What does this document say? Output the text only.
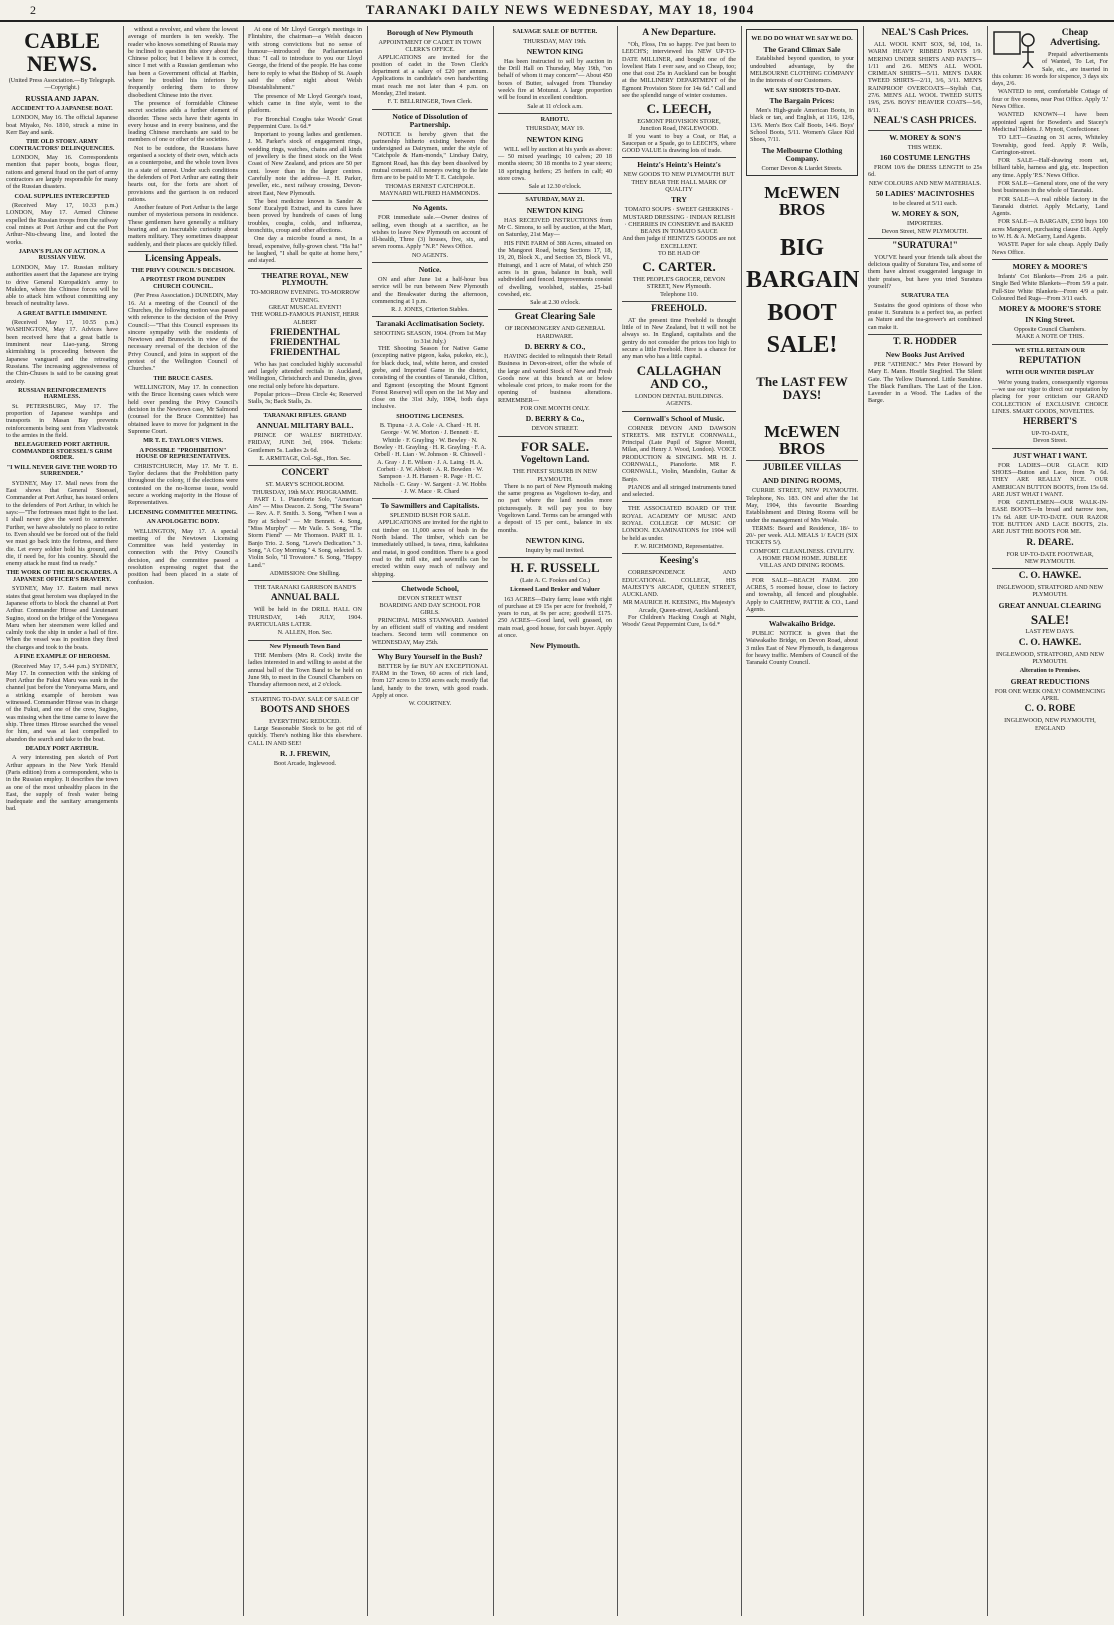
2	TARANAKI DAILY NEWS WEDNESDAY, MAY 18, 1904
CABLE NEWS.
(United Press Association.—By Telegraph.—Copyright.)
RUSSIA AND JAPAN.
ACCIDENT TO A JAPANESE BOAT.

LONDON, May 16. The official Japanese boat Miyako, No. 1810, struck a mine in Kerr Bay and sank.

THE OLD STORY. ARMY CONTRACTORS' DELINQUENCIES.

LONDON, May 16. Correspondents mention that paper boots, bogus flour, rations and general fraud on the part of army contractors are largely responsible for many of the Russian disasters.

COAL SUPPLIES INTERCEPTED

(Received May 17, 10.33 p.m.) LONDON, May 17. Armed Chinese expelled the Russian troops from the railway coal mines at Port Arthur and cut the Port Arthur–Niu-chwang line, and looted the works.

JAPAN'S PLAN OF ACTION. A RUSSIAN VIEW.

LONDON, May 17. Russian military authorities assert that the Japanese are trying to drive General Kuropatkin's army to Mukden, where the Chinese forces will be able to attack him without committing any breach of neutrality laws.

A GREAT BATTLE IMMINENT.

(Received May 17, 10.55 p.m.) WASHINGTON, May 17. Advices have been received here that a great battle is imminent near Liao-yang. Strong skirmishing is proceeding between the Japanese vanguard and the retreating Russians. The increasing aggressiveness of the Chin-Chuses is said to be causing great anxiety.

RUSSIAN REINFORCEMENTS HARMLESS.

St. PETERSBURG, May 17. The proportion of Japanese warships and transports in Masan Bay prevents reinforcements being sent from Vladivostok to the armies in the field.

BELEAGUERED PORT ARTHUR. COMMANDER STOESSEL'S GRIM ORDER.
"I WILL NEVER GIVE THE WORD TO SURRENDER."

SYDNEY, May 17. Mail news from the East shows that General Stoessel, Commander at Port Arthur, has issued orders to the defenders of Port Arthur, in which he says:—"The fortresses must fight to the last. I shall never give the word to surrender. Further, we have absolutely no place to retire to. Even should we be forced out of the field we must go back into the fortress, and there die. Let every soldier hold his ground, and die, if need be, for his country. Should the enemy attack he must find us ready."

THE WORK OF THE BLOCKADERS. A JAPANESE OFFICER'S BRAVERY.

SYDNEY, May 17. Eastern mail news states that great heroism was displayed in the Japanese efforts to block the channel at Port Arthur. Commander Hirose and Lieutenant Sugino, stood on the bridge of the Yonegawa Maru when her steersmen were killed and calmly took the ship in under a hail of fire. When the vessel was in position they fired the charges and took to the boats.

A FINE EXAMPLE OF HEROISM.

(Received May 17, 5.44 p.m.) SYDNEY, May 17. In connection with the sinking of Port Arthur the Fukui Maru was sunk in the channel just before the Yoneyama Maru, and a striking example of heroism was witnessed. Commander Hirose was in charge of the Fukui, and one of the crew, Sugino, was missing when the time came to leave the ship. Three times Hirose searched the vessel for him, and was at last compelled to abandon the search and take to the boat.

DEADLY PORT ARTHUR.

A very interesting pen sketch of Port Arthur appears in the New York Herald (Paris edition) from a correspondent, who is in the Russian employ. It describes the town as one of the most unhealthy places in the East, the supply of fresh water being inadequate and the sanitary arrangements bad.

without a revolver, and where the lowest average of murders is ten weekly. The reader who knows something of Russia may be inclined to question this story about the Chinese police; but I believe it is correct, since I met with a Russian gentleman who has been a Government official at Harbin, where he troubled his inferiors by frequently ordering them to throw disobedient Chinese into the river.

The presence of formidable Chinese secret societies adds a further element of disorder. These sects have their agents in every house and in every business, and the leading Chinese merchants are said to be members of one or other of the societies.

Not to be outdone, the Russians have organised a society of their own, which acts as a counterpoise, and the whole town lives in a state of unrest. Under such conditions the defenders of Port Arthur are eating their hearts out, for the forts are short of provisions and the garrison is on reduced rations.

Another feature of Port Arthur is the large number of mysterious persons in residence. These gentlemen have generally a military bearing and an inscrutable curiosity about matters military. They sometimes disappear suddenly, and their places are quickly filled.

Licensing Appeals.
THE PRIVY COUNCIL'S DECISION.
A PROTEST FROM DUNEDIN CHURCH COUNCIL.

(Per Press Association.) DUNEDIN, May 16. At a meeting of the Council of the Churches, the following motion was passed with reference to the decision of the Privy Council:—"That this Council expresses its sincere sympathy with the residents of Newtown and Brunswick in view of the necessary reversal of the decision of the Privy Council, and joins in support of the protest of the Wellington Council of Churches."

THE BRUCE CASES.

WELLINGTON, May 17. In connection with the Bruce licensing cases which were held over pending the Privy Council's decision in the Newtown case, Mr Salmond (counsel for the Bruce Committee) has obtained leave to move for judgment in the Supreme Court.

MR T. E. TAYLOR'S VIEWS.
A POSSIBLE "PROHIBITION" HOUSE OF REPRESENTATIVES.

CHRISTCHURCH, May 17. Mr T. E. Taylor declares that the Prohibition party throughout the colony, if the elections were contested on the no-license issue, would secure a working majority in the House of Representatives.

LICENSING COMMITTEE MEETING.
AN APOLOGETIC BODY.

WELLINGTON, May 17. A special meeting of the Newtown Licensing Committee was held yesterday in connection with the Privy Council's decision, and the committee passed a resolution expressing regret that the position had been placed in a state of confusion.

At one of Mr Lloyd George's meetings in Flintshire, the chairman—a Welsh deacon with strong convictions but no sense of humour—introduced the Parliamentarian thus: "I call to introduce to you our Lloyd George, the friend of the people. He has come here to reply to what the Bishop of St. Asaph said the other night about Welsh Disestablishment."

The presence of Mr Lloyd George's toast, which came in fine style, went to the platform.

For Bronchial Coughs take Woods' Great Peppermint Cure. 1s 6d.*

Important to young ladies and gentlemen. J. M. Parker's stock of engagement rings, wedding rings, watches, chains and all kinds of jewellery is the finest stock on the West Coast of New Zealand, and prices are 50 per cent. lower than in the larger centres. Carefully note the address—J. H. Parker, jeweller, etc., next railway crossing, Devon-street East, New Plymouth.

The best medicine known is Sander & Sons' Eucalypti Extract, and its cures have been proved by hundreds of cases of lung troubles, coughs, colds, and influenza, bronchitis, croup and other affections.

One day a microbe found a nest, In a bread, expensive, fully-grown chest. "Ha ha!" he laughed, "I shall be quite at home here," and stayed.

THEATRE ROYAL, NEW PLYMOUTH.
TO-MORROW EVENING. TO-MORROW EVENING.
GREAT MUSICAL EVENT!
THE WORLD-FAMOUS PIANIST, HERR ALBERT
FRIEDENTHAL FRIEDENTHAL FRIEDENTHAL

Who has just concluded highly successful and largely attended recitals in Auckland, Wellington, Christchurch and Dunedin, gives one recital only before his departure.

Popular prices—Dress Circle 4s; Reserved Stalls, 3s; Back Stalls, 2s.

TARANAKI RIFLES. GRAND
ANNUAL MILITARY BALL.

PRINCE OF WALES' BIRTHDAY. FRIDAY, JUNE 3rd, 1904. Tickets: Gentlemen 5s. Ladies 2s 6d.

E. ARMITAGE, Col.-Sgt., Hon. Sec.
CONCERT
ST. MARY'S SCHOOLROOM. THURSDAY, 19th MAY. PROGRAMME.

PART I. 1. Pianoforte Solo, "American Airs" — Miss Deacon. 2. Song, "The Swans" — Rev. A. F. Smith. 3. Song, "When I was a Boy at School" — Mr Bennett. 4. Song, "Miss Murphy" — Mr Vaile. 5. Song, "The Storm Fiend" — Mr Thomson. PART II. 1. Banjo Trio. 2. Song, "Love's Dedication." 3. Song, "A Coy Morning." 4. Song, selected. 5. Violin Solo, "Il Trovatore." 6. Song, "Happy Land."

ADMISSION: One Shilling.
THE TARANAKI GARRISON BAND'S
ANNUAL BALL

Will be held in the DRILL HALL ON THURSDAY, 14th JULY, 1904. PARTICULARS LATER.

N. ALLEN, Hon. Sec.
New Plymouth Town Band

THE Members (Mrs R. Cock) invite the ladies interested in and willing to assist at the annual ball of the Town Band to be held on June 9th, to meet in the Council Chambers on Thursday afternoon next, at 2 o'clock.

STARTING TO-DAY. SALE OF SALE OF
BOOTS AND SHOES
EVERYTHING REDUCED.

Large Seasonable Stock to be got rid of quickly. There's nothing like this elsewhere. CALL IN AND SEE!

R. J. FREWIN,
Boot Arcade, Inglewood.
Borough of New Plymouth
APPOINTMENT OF CADET IN TOWN CLERK'S OFFICE.

APPLICATIONS are invited for the position of cadet in the Town Clerk's department at a salary of £20 per annum. Applications in candidate's own handwriting must reach me not later than 4 p.m. on Monday, 23rd instant.

F. T. BELLRINGER, Town Clerk.
Notice of Dissolution of Partnership.

NOTICE is hereby given that the partnership hitherto existing between the undersigned as Dairymen, under the style of "Catchpole & Ham-monds," Lindsay Dairy, Egmont Road, has this day been dissolved by mutual consent. All moneys owing to the late firm are to be paid to Mr T. E. Catchpole.

THOMAS ERNEST CATCHPOLE. MAYNARD WILFRED HAMMONDS.
No Agents.

FOR immediate sale.—Owner desires of selling, even though at a sacrifice, as he wishes to leave New Plymouth on account of ill-health, Three (3) houses, five, six, and seven rooms. Apply "N.P." News Office.

NO AGENTS.
Notice.

ON and after June 1st a half-hour bus service will be run between New Plymouth and the Breakwater during the afternoon, commencing at 1 p.m.

R. J. JONES, Criterion Stables.
Taranaki Acclimatisation Society.
SHOOTING SEASON, 1904. (From 1st May to 31st July.)

THE Shooting Season for Native Game (excepting native pigeon, kaka, pukeko, etc.), for black duck, teal, white heron, and crested grebe, and Imported Game in the district, consisting of the counties of Taranaki, Clifton, and Egmont (excepting the Mount Egmont Forest Reserve) will open on the 1st May and close on the 31st July, 1904, both days inclusive.

SHOOTING LICENSES.
B. Tipuna · J. A. Cole · A. Chard · H. H. George · W. W. Morton · J. Bennett · E. Whittle · F. Grayling · W. Bewley · N. Bowley · H. Grayling · H. R. Grayling · F. A. Orbell · H. Lian · W. Johnson · R. Chiswell · A. Gray · J. E. Wilson · J. A. Laing · H. A. Corbett · J. W. Abbott · A. R. Bowden · W. Sampson · J. H. Hansen · R. Page · H. C. Nicholls · C. Gray · W. Sargent · J. W. Hobbs · J. W. Mace · R. Chard
To Sawmillers and Capitalists.
SPLENDID BUSH FOR SALE.

APPLICATIONS are invited for the right to cut timber on 11,000 acres of bush in the North Island. The timber, which can be immediately utilised, is tawa, rimu, kahikatea and matai, in good condition. There is a good road to the mill site, and sawmills can be erected within easy reach of railway and shipping.

Chetwode School,
DEVON STREET WEST
BOARDING AND DAY SCHOOL FOR GIRLS.

PRINCIPAL MISS STANWARD. Assisted by an efficient staff of visiting and resident teachers. Second term will commence on WEDNESDAY, May 25th.

Why Bury Yourself in the Bush?

BETTER by far BUY AN EXCEPTIONAL FARM in the Town, 60 acres of rich land, from 127 acres to 1350 acres each; mostly flat land, handy to the town, with good roads. Apply at once.

W. COURTNEY.
SALVAGE SALE OF BUTTER.
THURSDAY, MAY 19th.
NEWTON KING

Has been instructed to sell by auction in the Drill Hall on Thursday, May 19th, "on behalf of whom it may concern"— About 450 boxes of Butter, salvaged from Thursday week's fire at Motunui. A large proportion will be found in excellent condition.

Sale at 11 o'clock a.m.
RAHOTU.
THURSDAY, MAY 19.
NEWTON KING

WILL sell by auction at his yards as above:— 50 mixed yearlings; 10 calves; 20 18 months steers; 30 18 months to 2 year steers; 18 springing heifers; 25 heifers in calf; 40 store cows.

Sale at 12.30 o'clock.
SATURDAY, MAY 21.
NEWTON KING

HAS RECEIVED INSTRUCTIONS from Mr C. Simons, to sell by auction, at the Mart, on Saturday, 21st May—

HIS FINE FARM of 388 Acres, situated on the Mangorei Road, being Sections 17, 18, 19, 20, Block X., and Section 35, Block VI., Huirangi, and 1 acre of Matai, of which 250 acres is in grass, balance in bush, well subdivided and fenced. Improvements consist of dwelling, woolshed, stables, 25-bail cowshed, etc.

Sale at 2.30 o'clock.
Great Clearing Sale
OF IRONMONGERY AND GENERAL HARDWARE.
D. BERRY & CO.,

HAVING decided to relinquish their Retail Business in Devon-street, offer the whole of the large and varied Stock of New and Fresh Goods now at this branch at or below wholesale cost prices, to make room for the opening of business alterations. REMEMBER—

FOR ONE MONTH ONLY.
D. BERRY & Co.,
DEVON STREET.
FOR SALE.
Vogeltown Land.
THE FINEST SUBURB IN NEW PLYMOUTH.

There is no part of New Plymouth making the same progress as Vogeltown to-day, and no part where the land nestles more picturesquely. It will pay you to buy Vogeltown Land. Terms can be arranged with a deposit of 15 per cent., balance in six months.

NEWTON KING.
Inquiry by mail invited.
H. F. RUSSELL
(Late A. C. Fookes and Co.)
Licensed Land Broker and Valuer

163 ACRES—Dairy farm; lease with right of purchase at £9 15s per acre for freehold, 7 years to run, at 9s per acre; goodwill £175. 250 ACRES—Good land, well grassed, on main road, good house, for cash buyer. Apply at once.

New Plymouth.
A New Departure.

"Oh, Floss, I'm so happy. I've just been to LEECH'S; interviewed his NEW UP-TO-DATE MILLINER, and bought one of the loveliest Hats I ever saw, and so Cheap, too; one that cost 25s in Auckland can be bought at the MILLINERY DEPARTMENT of the Egmont Provision Store for 14s 6d." Call and see the splendid range of winter costumes.

C. LEECH,
EGMONT PROVISION STORE,
Junction Road, INGLEWOOD.

If you want to buy a Coat, or Hat, a Saucepan or a Spade, go to LEECH'S, where GOOD VALUE is drawing lots of trade.

Heintz's Heintz's Heintz's
NEW GOODS TO NEW PLYMOUTH BUT THEY BEAR THE HALL MARK OF QUALITY
TRY
TOMATO SOUPS · SWEET GHERKINS · MUSTARD DRESSING · INDIAN RELISH · CHERRIES IN CONSERVE and BAKED BEANS IN TOMATO SAUCE
And then judge if HEINTZ'S GOODS are not EXCELLENT.
TO BE HAD OF
C. CARTER.
THE PEOPLE'S GROCER, DEVON STREET, New Plymouth.
Telephone 110.
FREEHOLD.

AT the present time Freehold is thought little of in New Zealand, but it will not be always so. In England, capitalists and the gentry do not consider the prices too high to secure a little Freehold. Here is a chance for any man who has a little capital.

CALLAGHAN AND CO.,
LONDON DENTAL BUILDINGS.
AGENTS.
Cornwall's School of Music.

CORNER DEVON AND DAWSON STREETS. MR ESTYLE CORNWALL, Principal (Late Pupil of Signor Moretti, Milan, and Henry J. Wood, London). VOICE PRODUCTION & SINGING. MR H. J. CORNWALL, Pianoforte. MR F. CORNWALL, Violin, Mandolin, Guitar & Banjo.

PIANOS and all stringed instruments tuned and selected.

THE ASSOCIATED BOARD OF THE ROYAL ACADEMY OF MUSIC AND ROYAL COLLEGE OF MUSIC OF LONDON. EXAMINATIONS for 1904 will be held as under.

F. W. RICHMOND, Representative.
Keesing's

CORRESPONDENCE AND EDUCATIONAL COLLEGE, HIS MAJESTY'S ARCADE, QUEEN STREET, AUCKLAND.

MR MAURICE H. KEESING, His Majesty's Arcade, Queen-street, Auckland.

For Children's Hacking Cough at Night, Woods' Great Peppermint Cure, 1s 6d.*

WE DO DO WHAT WE SAY WE DO.
The Grand Climax Sale

Established beyond question, to your undoubted advantage, by the MELBOURNE CLOTHING COMPANY in the interests of our Customers.

WE SAY SHORTS TO-DAY.
The Bargain Prices:

Men's High-grade American Boots, in black or tan, and English, at 11/6, 12/6, 13/6. Men's Box Calf Boots, 14/6. Boys' School Boots, 5/11. Women's Glace Kid Shoes, 7/11.

The Melbourne Clothing Company.
Corner Devon & Liardet Streets.
McEWEN BROS
BIG BARGAIN BOOT SALE!
The LAST FEW DAYS!
McEWEN BROS
JUBILEE VILLAS
AND DINING ROOMS,

CURRIE STREET, NEW PLYMOUTH. Telephone, No. 183. ON and after the 1st May, 1904, this favourite Boarding Establishment and Dining Rooms will be under the management of Mrs Weale.

TERMS: Board and Residence, 18/- to 20/- per week. ALL MEALS 1/ EACH (SIX TICKETS 5/).

COMFORT. CLEANLINESS. CIVILITY.
A HOME FROM HOME. JUBILEE VILLAS AND DINING ROOMS.

FOR SALE—BEACH FARM. 200 ACRES, 5 roomed house, close to factory and township, all fenced and ploughable. Apply to CARTHEW, PATTIE & CO., Land Agents.

Walwakaiho Bridge.

PUBLIC NOTICE is given that the Waiwakaiho Bridge, on Devon Road, about 3 miles East of New Plymouth, is dangerous for heavy traffic. Members of Council of the Taranaki County Council.

NEAL'S Cash Prices.

ALL WOOL KNIT SOX, 9d, 10d, 1s. WARM HEAVY RIBBED PANTS 1/9. MERINO UNDER SHIRTS AND PANTS—1/11 and 2/6. MEN'S ALL WOOL CRIMEAN SHIRTS—5/11. MEN'S DARK TWEED SHIRTS—2/11, 3/6, 3/11. MEN'S RAINPROOF OVERCOATS—Stylish Cut, 27/6. MEN'S ALL WOOL TWEED SUITS 19/6, 25/6. BOYS' HEAVIER COATS—5/6, 8/11.

NEAL'S CASH PRICES.
W. MOREY & SON'S
THIS WEEK.
160 COSTUME LENGTHS

FROM 10/6 the DRESS LENGTH to 25s 6d.

NEW COLOURS AND NEW MATERIALS.
50 LADIES' MACINTOSHES
to be cleared at 5/11 each.
W. MOREY & SON,
IMPORTERS.
Devon Street, NEW PLYMOUTH.
"SURATURA!"

YOU'VE heard your friends talk about the delicious quality of Suratura Tea, and some of them have almost exaggerated language in their praises, but have you tried Suratura yourself?

SURATURA TEA

Sustains the good opinions of those who praise it. Suratura is a perfect tea, as perfect as Nature and the tea-grower's art combined can make it.

T. R. HODDER
New Books Just Arrived

PER "ATHENIC." Mrs Peter Howard by Mary E. Mann. Hostile Siegfried. The Silent Gate. The Yellow Diamond. Little Sunshine. The Black Familiars. The Last of the Lion. Lavender in a Wood. The Ladies of the Barge.

Cheap Advertising.

Prepaid advertisements of Wanted, To Let, For Sale, etc., are inserted in this column: 16 words for sixpence, 3 days six days, 2/6.

WANTED to rent, comfortable Cottage of four or five rooms, near Post Office. Apply 'J.' News Office.

WANTED KNOWN—I have been appointed agent for Bowden's and Stacey's Medicinal Tablets. J. Mynott, Confectioner.

TO LET—Grazing on 31 acres, Whiteley Township, good feed. Apply P. Wells, Carrington-street.

FOR SALE—Half-drawing room set, billiard table, harness and gig, etc. Inspection any time. Apply 'P.S.' News Office.

FOR SALE—General store, one of the very best businesses in the whole of Taranaki.

FOR SALE—A real nibble factory in the Taranaki district. Apply McLarty, Land Agents.

FOR SALE—A BARGAIN, £350 buys 100 acres Mangorei, purchasing clause £18. Apply to W. H. & A. McGarry, Land Agents.

WASTE Paper for sale cheap. Apply Daily News Office.

MOREY & MOORE'S

Infants' Cot Blankets—From 2/6 a pair. Single Bed White Blankets—From 5/9 a pair. Full-Size White Blankets—From 4/9 a pair. Coloured Bed Rugs—From 3/11 each.

MOREY & MOORE'S STORE
IN King Street.
Opposite Council Chambers.
MAKE A NOTE OF THIS.
WE STILL RETAIN OUR
REPUTATION
WITH OUR WINTER DISPLAY

We're young traders, consequently vigorous—we use our vigor to direct our reputation by placing for your criticism our GRAND COLLECTION of EXCLUSIVE CHOICE LINES. SMART GOODS, NOVELTIES.

HERBERT'S
UP-TO-DATE,
Devon Street.
JUST WHAT I WANT.

FOR LADIES—OUR GLACE KID SHOES—Button and Lace, from 7s 6d. THEY ARE REALLY NICE. OUR AMERICAN BUTTON BOOTS, from 15s 6d. ARE JUST WHAT I WANT.

FOR GENTLEMEN—OUR WALK-IN-EASE BOOTS—In broad and narrow toes, 17s 6d. ARE UP-TO-DATE. OUR RAZOR TOE BUTTON AND LACE BOOTS, 21s. ARE JUST THE BOOTS FOR ME.

R. DEARE.
FOR UP-TO-DATE FOOTWEAR,
NEW PLYMOUTH.
C. O. HAWKE.
INGLEWOOD, STRATFORD AND NEW PLYMOUTH.
GREAT ANNUAL CLEARING
SALE!
LAST FEW DAYS.
C. O. HAWKE.
INGLEWOOD, STRATFORD, AND NEW PLYMOUTH.
Alteration to Premises.
GREAT REDUCTIONS
FOR ONE WEEK ONLY! COMMENCING APRIL
C. O. ROBE
INGLEWOOD, NEW PLYMOUTH, ENGLAND
